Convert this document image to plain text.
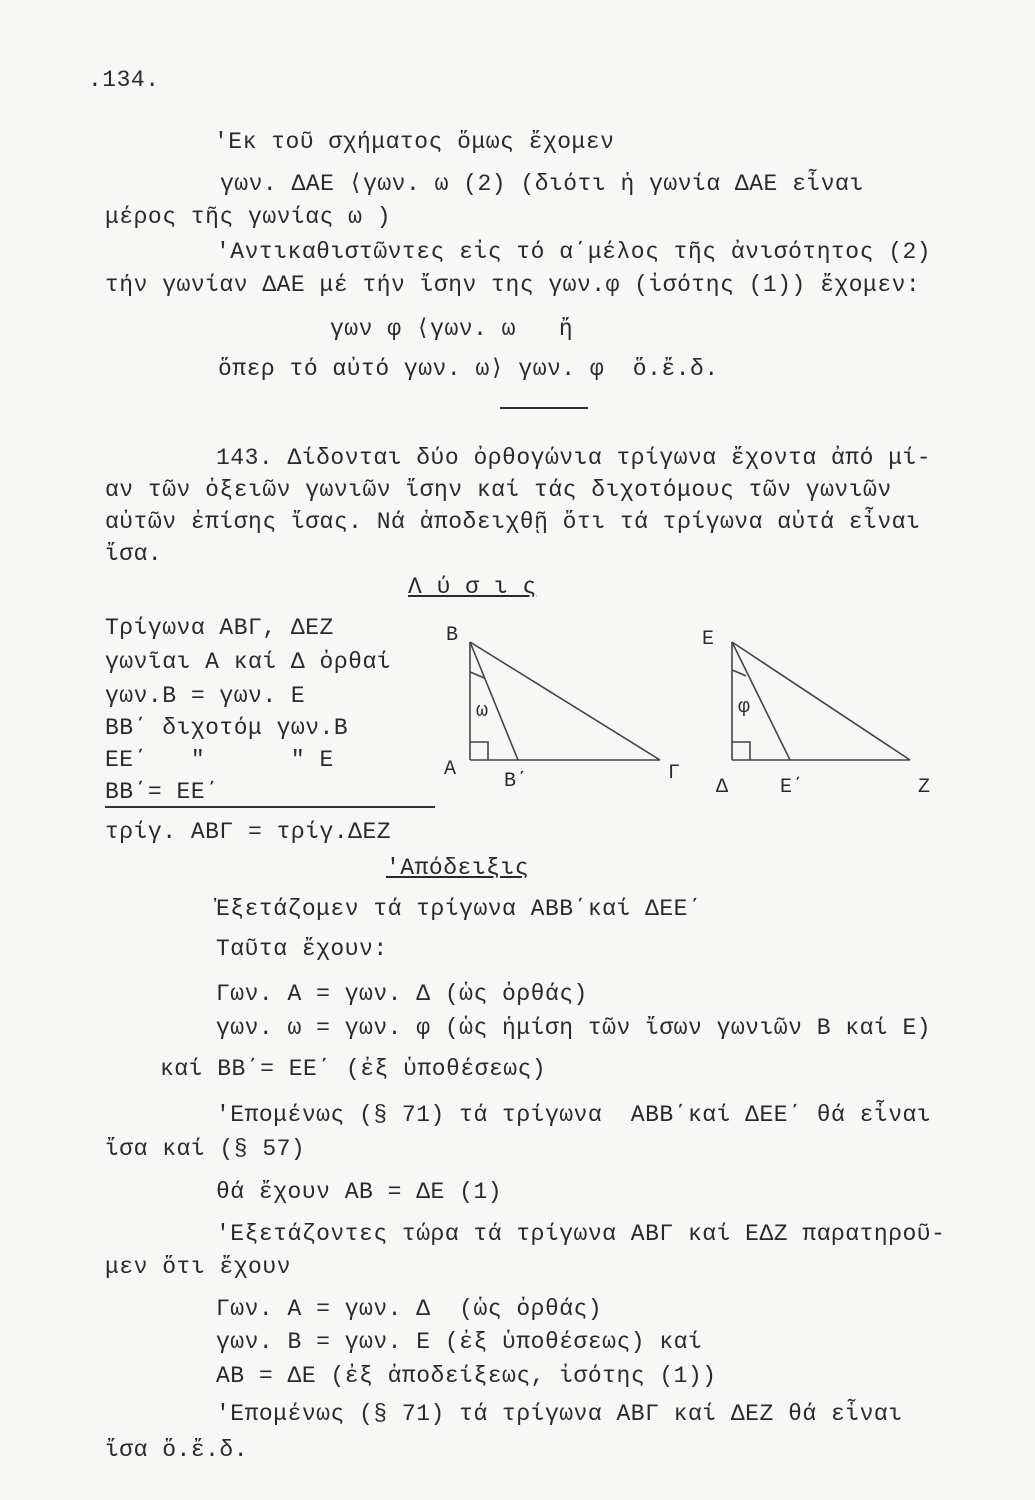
.134.
'Εκ τοῦ σχήματος ὅμως ἔχομεν
γων. ΔΑΕ ⟨γων. ω (2) (διότι ἡ γωνία ΔΑΕ εἶναι
μέρος τῆς γωνίας ω )
'Αντικαθιστῶντες εἰς τό α΄μέλος τῆς ἀνισότητος (2)
τήν γωνίαν ΔΑΕ μέ τήν ἴσην της γων.φ (ἰσότης (1)) ἔχομεν:
γων φ ⟨γων. ω   ἤ
ὅπερ τό αὐτό γων. ω⟩ γων. φ  ὅ.ἔ.δ.
143. Δίδονται δύο ὀρθογώνια τρίγωνα ἔχοντα ἀπό μί-
αν τῶν ὀξειῶν γωνιῶν ἴσην καί τάς διχοτόμους τῶν γωνιῶν
αὐτῶν ἐπίσης ἴσας. Νά ἀποδειχθῇ ὅτι τά τρίγωνα αὐτά εἶναι
ἴσα.
Λ ύ σ ι ς
Τρίγωνα ΑΒΓ, ΔΕΖ
γωνῖαι Α καί Δ ὀρθαί
γων.Β = γων. Ε
ΒΒ΄ διχοτόμ γων.Β
ΕΕ΄   "      " Ε
ΒΒ΄= ΕΕ΄
τρίγ. ΑΒΓ = τρίγ.ΔΕΖ
Β
Α
Β΄	Γ
ω
Ε
Δ	Ε΄	Ζ
φ
'Απόδειξις
Ἐξετάζομεν τά τρίγωνα ΑΒΒ΄καί ΔΕΕ΄
Ταῦτα ἔχουν:
Γων. Α = γων. Δ (ὡς ὀρθάς)
γων. ω = γων. φ (ὡς ἡμίση τῶν ἴσων γωνιῶν Β καί Ε)
καί ΒΒ΄= ΕΕ΄ (ἐξ ὑποθέσεως)
'Επομένως (§ 71) τά τρίγωνα  ΑΒΒ΄καί ΔΕΕ΄ θά εἶναι
ἴσα καί (§ 57)
θά ἔχουν ΑΒ = ΔΕ (1)
'Εξετάζοντες τώρα τά τρίγωνα ΑΒΓ καί ΕΔΖ παρατηροῦ-
μεν ὅτι ἔχουν
Γων. Α = γων. Δ  (ὡς ὀρθάς)
γων. Β = γων. Ε (ἐξ ὑποθέσεως) καί
ΑΒ = ΔΕ (ἐξ ἀποδείξεως, ἰσότης (1))
'Επομένως (§ 71) τά τρίγωνα ΑΒΓ καί ΔΕΖ θά εἶναι
ἴσα ὅ.ἔ.δ.
